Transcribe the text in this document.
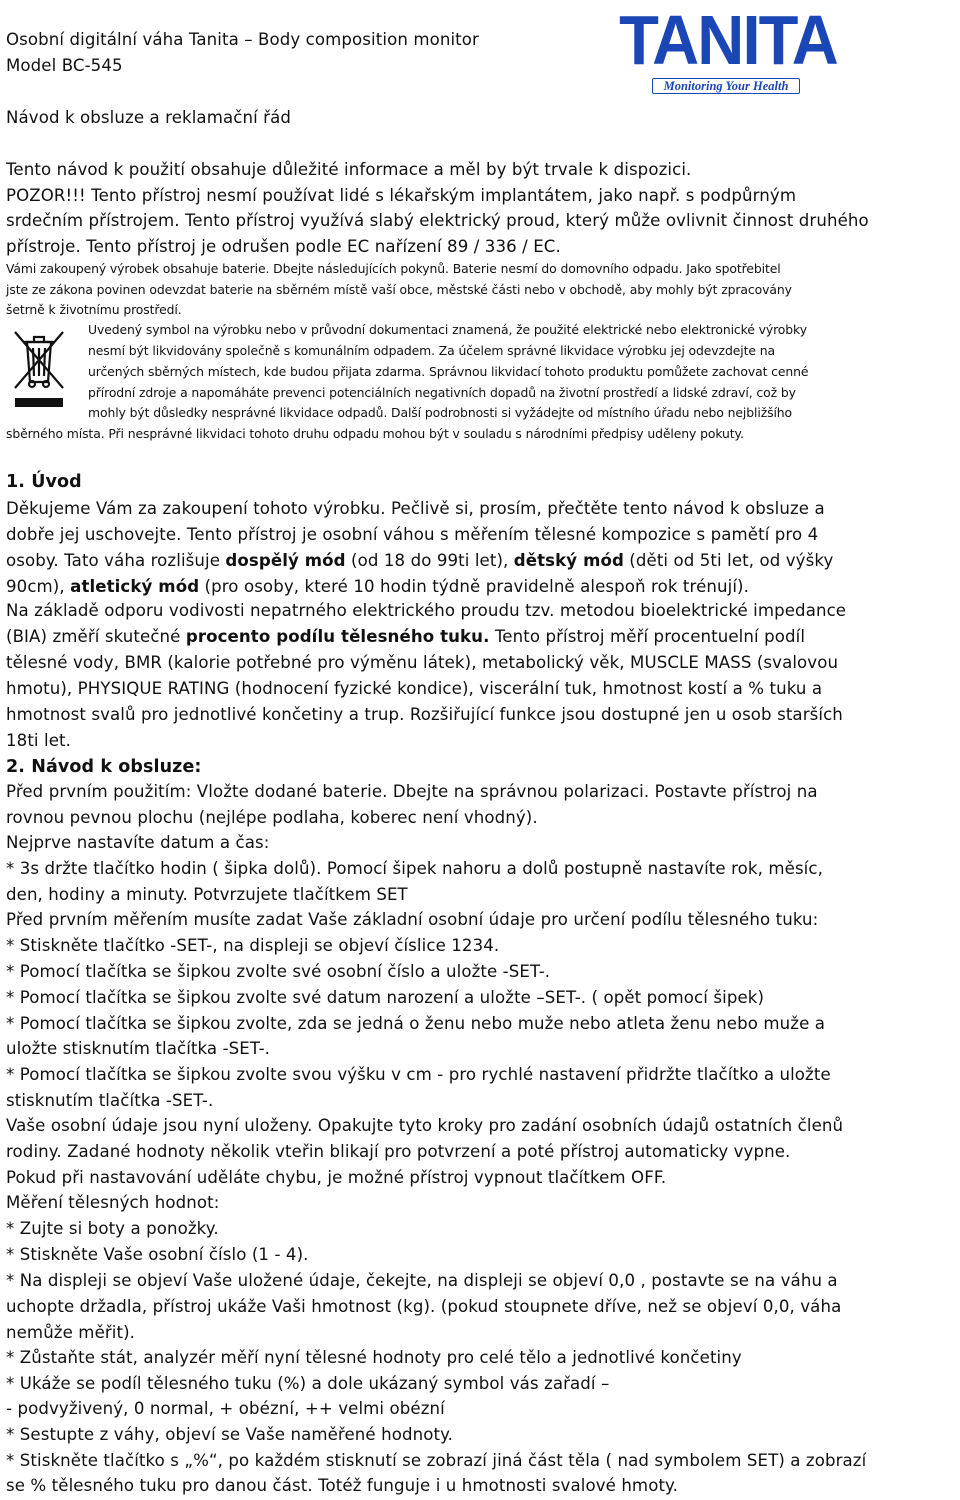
TANITA
Monitoring Your Health
Osobní digitální váha Tanita – Body composition monitor
Model BC-545
Návod k obsluze a reklamační řád
Tento návod k použití obsahuje důležité informace a měl by být trvale k dispozici.
POZOR!!! Tento přístroj nesmí používat lidé s lékařským implantátem, jako např. s podpůrným
srdečním přístrojem. Tento přístroj využívá slabý elektrický proud, který může ovlivnit činnost druhého
přístroje. Tento přístroj je odrušen podle EC nařízení 89 / 336 / EC.
Vámi zakoupený výrobek obsahuje baterie. Dbejte následujících pokynů. Baterie nesmí do domovního odpadu. Jako spotřebitel
jste ze zákona povinen odevzdat baterie na sběrném místě vaší obce, městské části nebo v obchodě, aby mohly být zpracovány
šetrně k životnímu prostředí.
Uvedený symbol na výrobku nebo v průvodní dokumentaci znamená, že použité elektrické nebo elektronické výrobky
nesmí být likvidovány společně s komunálním odpadem. Za účelem správné likvidace výrobku jej odevzdejte na
určených sběrných místech, kde budou přijata zdarma. Správnou likvidací tohoto produktu pomůžete zachovat cenné
přírodní zdroje a napomáháte prevenci potenciálních negativních dopadů na životní prostředí a lidské zdraví, což by
mohly být důsledky nesprávné likvidace odpadů. Další podrobnosti si vyžádejte od místního úřadu nebo nejbližšího
sběrného místa. Při nesprávné likvidaci tohoto druhu odpadu mohou být v souladu s národními předpisy uděleny pokuty.
1. Úvod
Děkujeme Vám za zakoupení tohoto výrobku. Pečlivě si, prosím, přečtěte tento návod k obsluze a
dobře jej uschovejte. Tento přístroj je osobní váhou s měřením tělesné kompozice s pamětí pro 4
osoby. Tato váha rozlišuje dospělý mód (od 18 do 99ti let), dětský mód (děti od 5ti let, od výšky
90cm), atletický mód (pro osoby, které 10 hodin týdně pravidelně alespoň rok trénují).
Na základě odporu vodivosti nepatrného elektrického proudu tzv. metodou bioelektrické impedance
(BIA) změří skutečné procento podílu tělesného tuku. Tento přístroj měří procentuelní podíl
tělesné vody, BMR (kalorie potřebné pro výměnu látek), metabolický věk, MUSCLE MASS (svalovou
hmotu), PHYSIQUE RATING (hodnocení fyzické kondice), viscerální tuk, hmotnost kostí a % tuku a
hmotnost svalů pro jednotlivé končetiny a trup. Rozšiřující funkce jsou dostupné jen u osob starších
18ti let.
2. Návod k obsluze:
Před prvním použitím: Vložte dodané baterie. Dbejte na správnou polarizaci. Postavte přístroj na
rovnou pevnou plochu (nejlépe podlaha, koberec není vhodný).
Nejprve nastavíte datum a čas:
* 3s držte tlačítko hodin ( šipka dolů). Pomocí šipek nahoru a dolů postupně nastavíte rok, měsíc,
den, hodiny a minuty. Potvrzujete tlačítkem SET
Před prvním měřením musíte zadat Vaše základní osobní údaje pro určení podílu tělesného tuku:
* Stiskněte tlačítko -SET-, na displeji se objeví číslice 1234.
* Pomocí tlačítka se šipkou zvolte své osobní číslo a uložte -SET-.
* Pomocí tlačítka se šipkou zvolte své datum narození a uložte –SET-. ( opět pomocí šipek)
* Pomocí tlačítka se šipkou zvolte, zda se jedná o ženu nebo muže nebo atleta ženu nebo muže a
uložte stisknutím tlačítka -SET-.
* Pomocí tlačítka se šipkou zvolte svou výšku v cm - pro rychlé nastavení přidržte tlačítko a uložte
stisknutím tlačítka -SET-.
Vaše osobní údaje jsou nyní uloženy. Opakujte tyto kroky pro zadání osobních údajů ostatních členů
rodiny. Zadané hodnoty několik vteřin blikají pro potvrzení a poté přístroj automaticky vypne.
Pokud při nastavování uděláte chybu, je možné přístroj vypnout tlačítkem OFF.
Měření tělesných hodnot:
* Zujte si boty a ponožky.
* Stiskněte Vaše osobní číslo (1 - 4).
* Na displeji se objeví Vaše uložené údaje, čekejte, na displeji se objeví 0,0 , postavte se na váhu a
uchopte držadla, přístroj ukáže Vaši hmotnost (kg). (pokud stoupnete dříve, než se objeví 0,0, váha
nemůže měřit).
* Zůstaňte stát, analyzér měří nyní tělesné hodnoty pro celé tělo a jednotlivé končetiny
* Ukáže se podíl tělesného tuku (%) a dole ukázaný symbol vás zařadí –
- podvyživený, 0 normal, + obézní, ++ velmi obézní
* Sestupte z váhy, objeví se Vaše naměřené hodnoty.
* Stiskněte tlačítko s „%“, po každém stisknutí se zobrazí jiná část těla ( nad symbolem SET) a zobrazí
se % tělesného tuku pro danou část. Totéž funguje i u hmotnosti svalové hmoty.
